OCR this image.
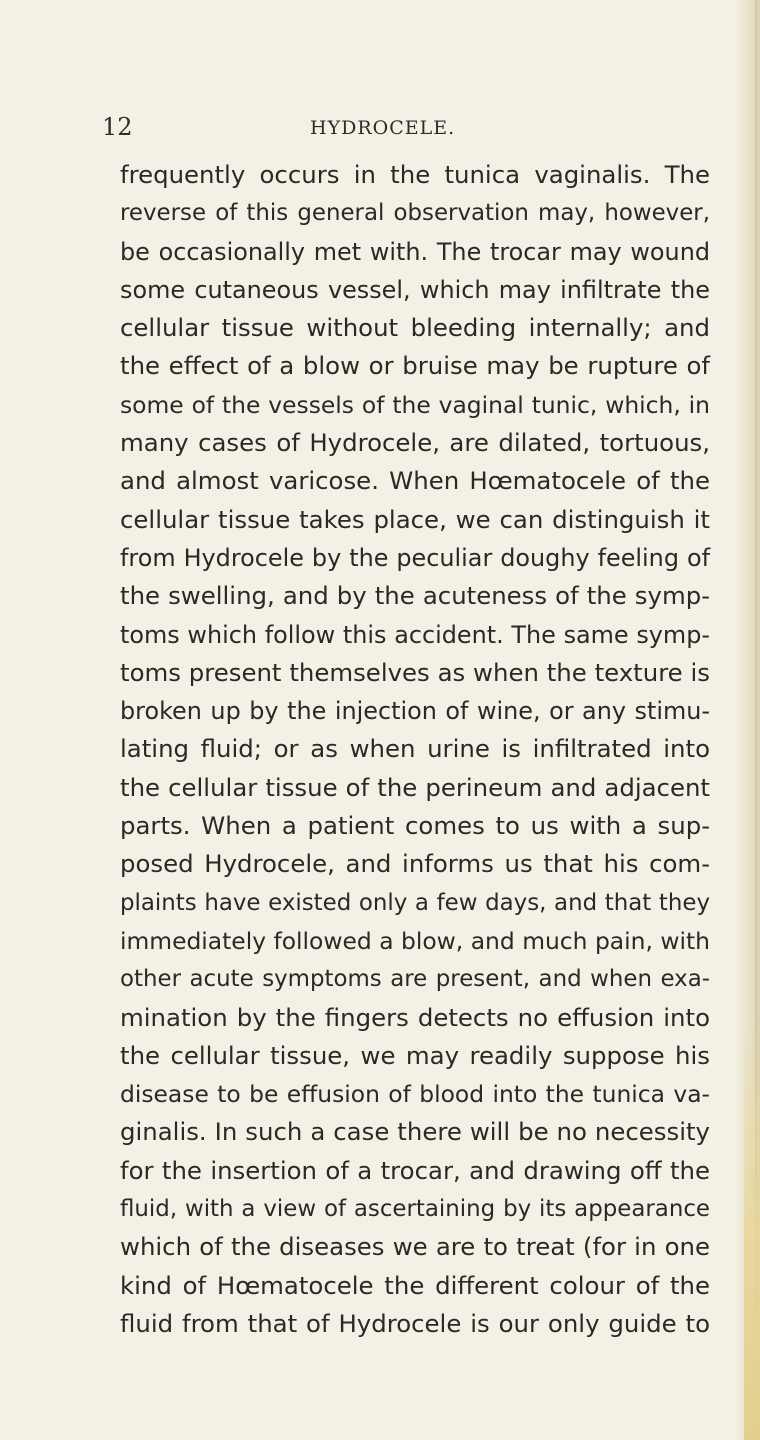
12	HYDROCELE.
frequently occurs in the tunica vaginalis. The
reverse of this general observation may, however,
be occasionally met with. The trocar may wound
some cutaneous vessel, which may infiltrate the
cellular tissue without bleeding internally; and
the effect of a blow or bruise may be rupture of
some of the vessels of the vaginal tunic, which, in
many cases of Hydrocele, are dilated, tortuous,
and almost varicose. When Hœmatocele of the
cellular tissue takes place, we can distinguish it
from Hydrocele by the peculiar doughy feeling of
the swelling, and by the acuteness of the symp-
toms which follow this accident. The same symp-
toms present themselves as when the texture is
broken up by the injection of wine, or any stimu-
lating fluid; or as when urine is infiltrated into
the cellular tissue of the perineum and adjacent
parts. When a patient comes to us with a sup-
posed Hydrocele, and informs us that his com-
plaints have existed only a few days, and that they
immediately followed a blow, and much pain, with
other acute symptoms are present, and when exa-
mination by the fingers detects no effusion into
the cellular tissue, we may readily suppose his
disease to be effusion of blood into the tunica va-
ginalis. In such a case there will be no necessity
for the insertion of a trocar, and drawing off the
fluid, with a view of ascertaining by its appearance
which of the diseases we are to treat (for in one
kind of Hœmatocele the different colour of the
fluid from that of Hydrocele is our only guide to
